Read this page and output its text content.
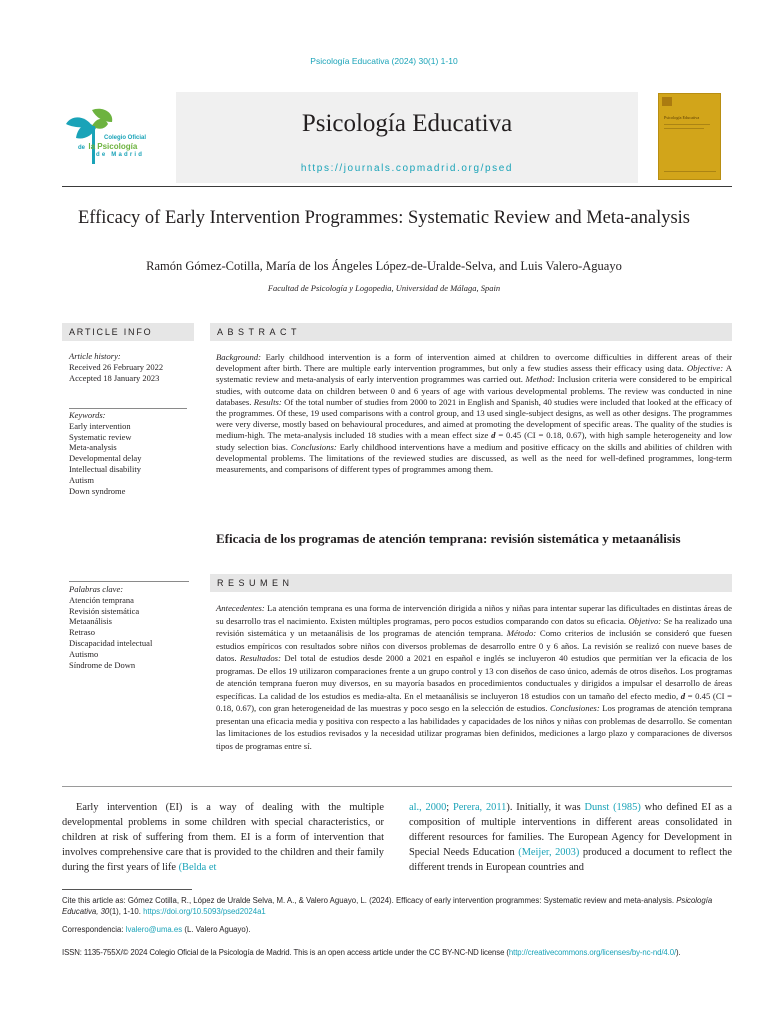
Psicología Educativa (2024) 30(1) 1-10
Colegio Oficial
de la Psicología
de Madrid
Psicología Educativa
https://journals.copmadrid.org/psed
Psicología Educativa
Efficacy of Early Intervention Programmes: Systematic Review and Meta-analysis
Ramón Gómez-Cotilla, María de los Ángeles López-de-Uralde-Selva, and Luis Valero-Aguayo
Facultad de Psicología y Logopedia, Universidad de Málaga, Spain
ARTICLE INFO
Article history:
Received 26 February 2022
Accepted 18 January 2023
Keywords:
Early intervention
Systematic review
Meta-analysis
Developmental delay
Intellectual disability
Autism
Down syndrome
Palabras clave:
Atención temprana
Revisión sistemática
Metaanálisis
Retraso
Discapacidad intelectual
Autismo
Síndrome de Down
ABSTRACT
Background: Early childhood intervention is a form of intervention aimed at children to overcome difficulties in different areas of their development after birth. There are multiple early intervention programmes, but only a few studies assess their efficacy using data. Objective: A systematic review and meta-analysis of early intervention programmes was carried out. Method: Inclusion criteria were considered to be empirical studies, with outcome data on children between 0 and 6 years of age with various developmental problems. The review was conducted in nine databases. Results: Of the total number of studies from 2000 to 2021 in English and Spanish, 40 studies were included that looked at the efficacy of the programmes. Of these, 19 used comparisons with a control group, and 13 used single-subject designs, as well as other designs. The programmes were very diverse, mostly based on behavioural procedures, and aimed at promoting the development of specific areas. The quality of the studies is medium-high. The meta-analysis included 18 studies with a mean effect size d = 0.45 (CI = 0.18, 0.67), with high sample heterogeneity and low study selection bias. Conclusions: Early childhood interventions have a medium and positive efficacy on the skills and abilities of children with developmental problems. The limitations of the reviewed studies are discussed, as well as the need for well-defined programmes, long-term measurements, and comparisons of different types of programmes among them.
Eficacia de los programas de atención temprana: revisión sistemática y metaanálisis
RESUMEN
Antecedentes: La atención temprana es una forma de intervención dirigida a niños y niñas para intentar superar las dificultades en distintas áreas de su desarrollo tras el nacimiento. Existen múltiples programas, pero pocos estudios comparando con datos su eficacia. Objetivo: Se ha realizado una revisión sistemática y un metaanálisis de los programas de atención temprana. Método: Como criterios de inclusión se consideró que fuesen estudios empíricos con resultados sobre niños con diversos problemas de desarrollo entre 0 y 6 años. La revisión se realizó con nueve bases de datos. Resultados: Del total de estudios desde 2000 a 2021 en español e inglés se incluyeron 40 estudios que permitían ver la eficacia de los programas. De ellos 19 utilizaron comparaciones frente a un grupo control y 13 con diseños de caso único, además de otros diseños. Los programas de atención temprana fueron muy diversos, en su mayoría basados en procedimientos conductuales y dirigidos a impulsar el desarrollo de áreas específicas. La calidad de los estudios es media-alta. En el metaanálisis se incluyeron 18 estudios con un tamaño del efecto medio, d = 0.45 (CI = 0.18, 0.67), con gran heterogeneidad de las muestras y poco sesgo en la selección de estudios. Conclusiones: Los programas de atención temprana presentan una eficacia media y positiva con respecto a las habilidades y capacidades de los niños y niñas con problemas de desarrollo. Se comentan las limitaciones de los estudios revisados y la necesidad utilizar programas bien definidos, mediciones a largo plazo y comparaciones de diversos tipos de programas entre sí.
Early intervention (EI) is a way of dealing with the multiple developmental problems in some children with special characteristics, or children at risk of suffering from them. EI is a form of intervention that involves comprehensive care that is provided to the children and their family during the first years of life (Belda et
al., 2000; Perera, 2011). Initially, it was Dunst (1985) who defined EI as a composition of multiple interventions in different areas consolidated in different resources for families. The European Agency for Development in Special Needs Education (Meijer, 2003) produced a document to reflect the different trends in European countries and
Cite this article as: Gómez Cotilla, R., López de Uralde Selva, M. A., & Valero Aguayo, L. (2024). Efficacy of early intervention programmes: Systematic review and meta-analysis. Psicología Educativa, 30(1), 1-10. https://doi.org/10.5093/psed2024a1
Correspondencia: lvalero@uma.es (L. Valero Aguayo).
ISSN: 1135-755X/© 2024 Colegio Oficial de la Psicología de Madrid. This is an open access article under the CC BY-NC-ND license (http://creativecommons.org/licenses/by-nc-nd/4.0/).
